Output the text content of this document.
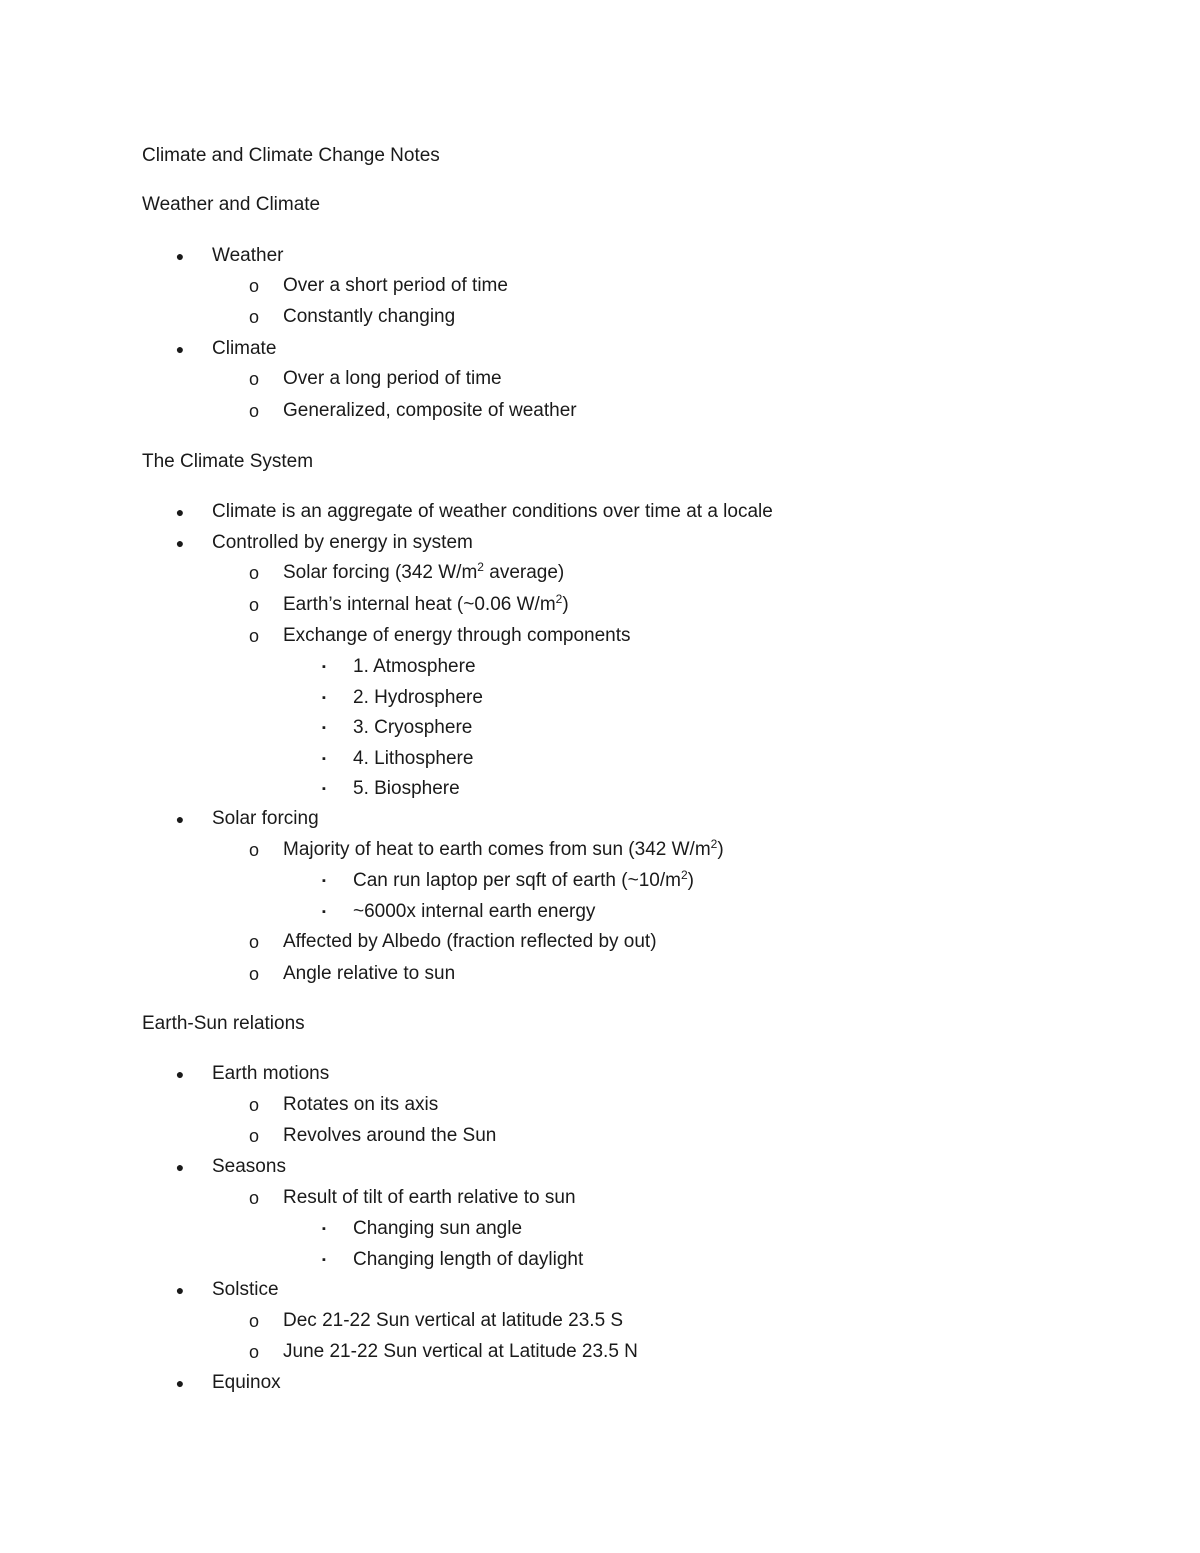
Climate and Climate Change Notes
Weather and Climate
● Weather
o Over a short period of time
o Constantly changing
● Climate
o Over a long period of time
o Generalized, composite of weather
The Climate System
● Climate is an aggregate of weather conditions over time at a locale
● Controlled by energy in system
o Solar forcing (342 $W/m^2$ average)
o Earth’s internal heat (~0.06 $W/m^2$)
o Exchange of energy through components
▪ 1. Atmosphere
▪ 2. Hydrosphere
▪ 3. Cryosphere
▪ 4. Lithosphere
▪ 5. Biosphere
● Solar forcing
o Majority of heat to earth comes from sun (342 $W/m^2$)
▪ Can run laptop per sqft of earth $(\sim 10/m^2)$
▪ ~6000x internal earth energy
o Affected by Albedo (fraction reflected by out)
o Angle relative to sun
Earth-Sun relations
● Earth motions
o Rotates on its axis
o Revolves around the Sun
● Seasons
o Result of tilt of earth relative to sun
▪ Changing sun angle
▪ Changing length of daylight
● Solstice
o Dec 21-22 Sun vertical at latitude 23.5 S
o June 21-22 Sun vertical at Latitude 23.5 N
● Equinox
